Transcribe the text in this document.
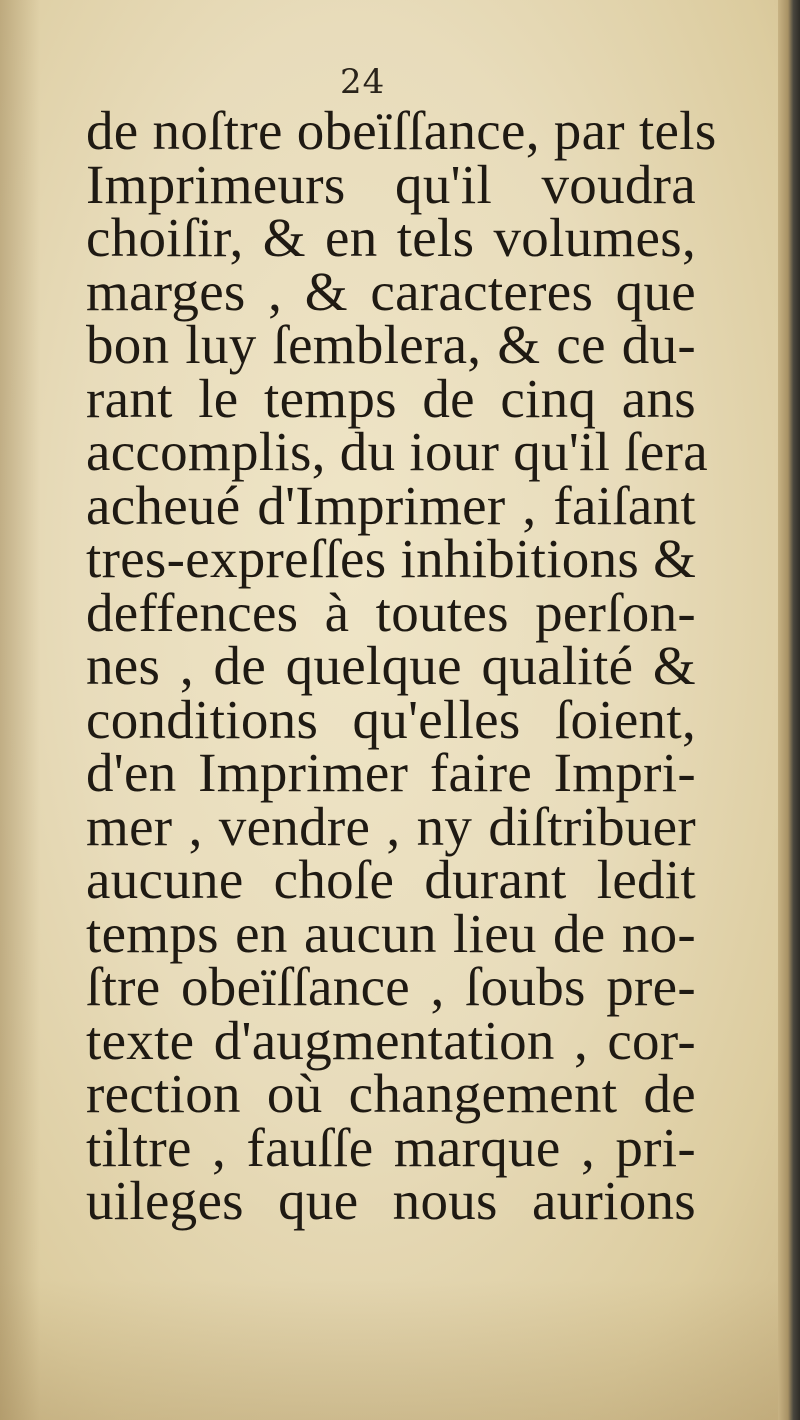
24
de noſtre obeïſſance, par tels
Imprimeurs qu'il voudra
choiſir, & en tels volumes,
marges , & caracteres que
bon luy ſemblera, & ce du-
rant le temps de cinq ans
accomplis, du iour qu'il ſera
acheué d'Imprimer , faiſant
tres-expreſſes inhibitions &
deffences à toutes perſon-
nes , de quelque qualité &
conditions qu'elles ſoient,
d'en Imprimer faire Impri-
mer , vendre , ny diſtribuer
aucune choſe durant ledit
temps en aucun lieu de no-
ſtre obeïſſance , ſoubs pre-
texte d'augmentation , cor-
rection où changement de
tiltre , fauſſe marque , pri-
uileges que nous aurions
